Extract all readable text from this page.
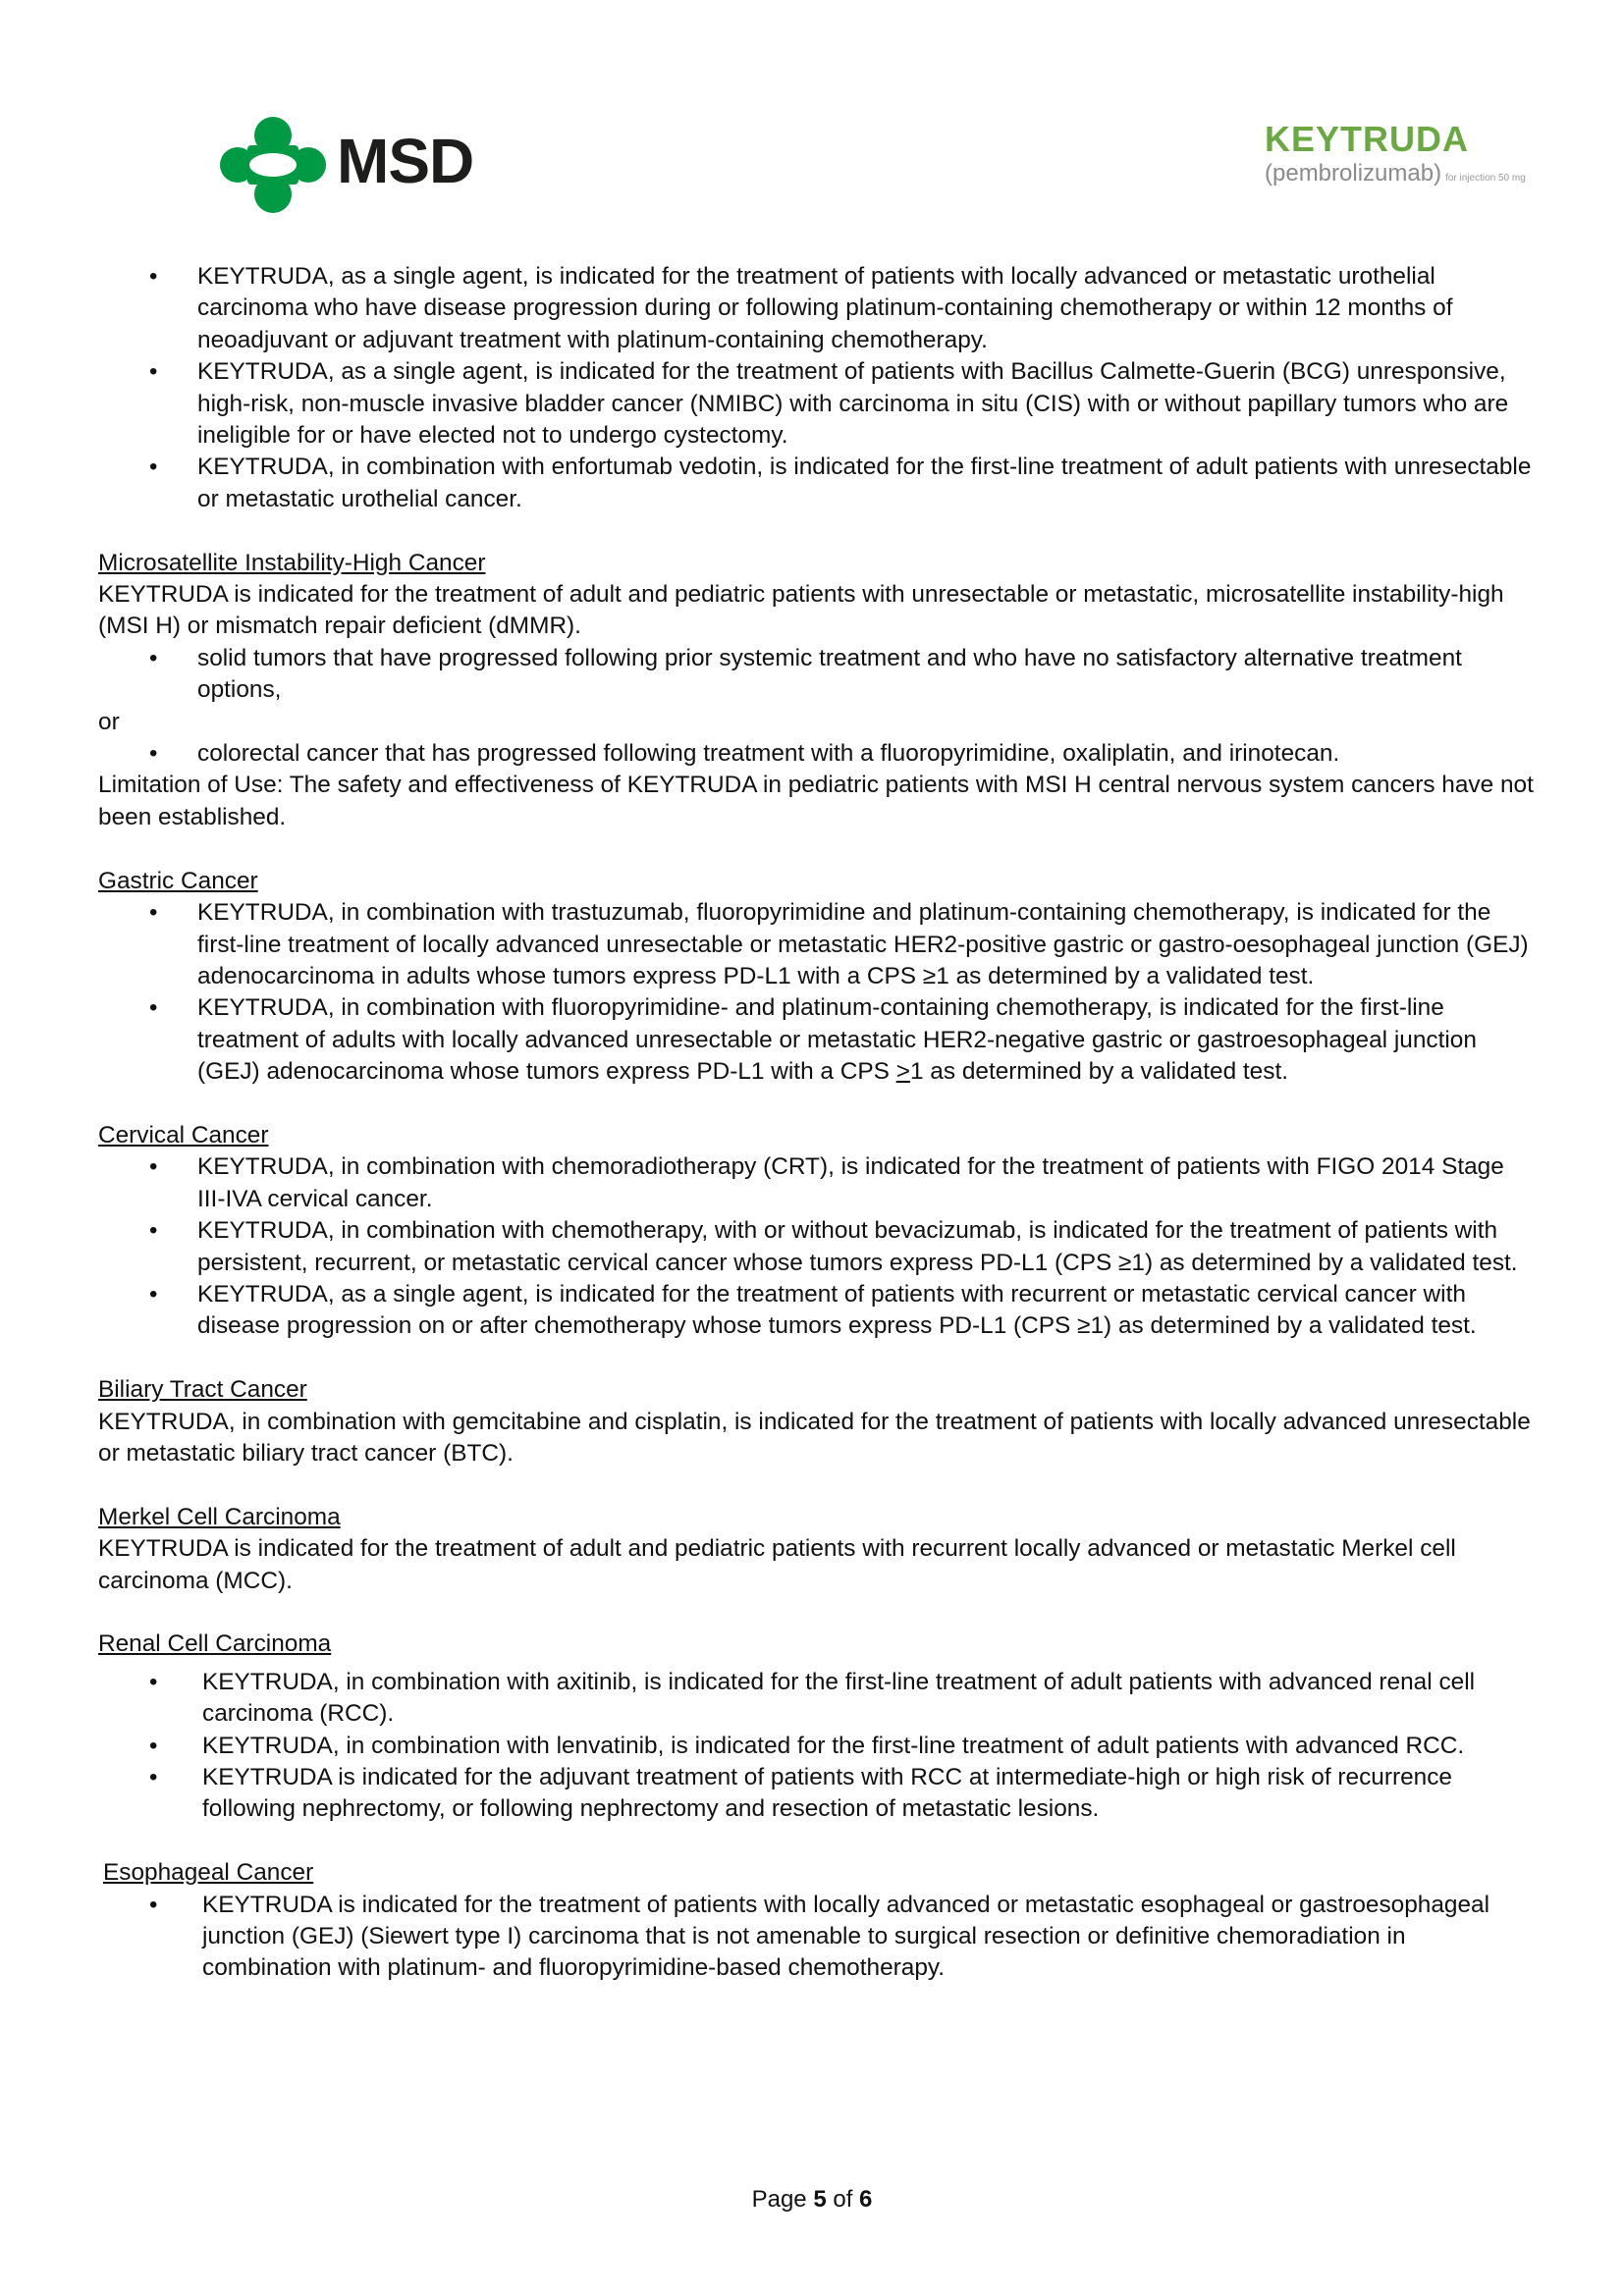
MSD	KEYTRUDA
(pembrolizumab) for injection 50 mg
• KEYTRUDA, as a single agent, is indicated for the treatment of patients with locally advanced or metastatic urothelial carcinoma who have disease progression during or following platinum-containing chemotherapy or within 12 months of neoadjuvant or adjuvant treatment with platinum-containing chemotherapy.
• KEYTRUDA, as a single agent, is indicated for the treatment of patients with Bacillus Calmette-Guerin (BCG) unresponsive, high-risk, non-muscle invasive bladder cancer (NMIBC) with carcinoma in situ (CIS) with or without papillary tumors who are ineligible for or have elected not to undergo cystectomy.
• KEYTRUDA, in combination with enfortumab vedotin, is indicated for the first-line treatment of adult patients with unresectable or metastatic urothelial cancer.

Microsatellite Instability-High Cancer

KEYTRUDA is indicated for the treatment of adult and pediatric patients with unresectable or metastatic, microsatellite instability-high (MSI H) or mismatch repair deficient (dMMR).

• solid tumors that have progressed following prior systemic treatment and who have no satisfactory alternative treatment options,

or

• colorectal cancer that has progressed following treatment with a fluoropyrimidine, oxaliplatin, and irinotecan.

Limitation of Use: The safety and effectiveness of KEYTRUDA in pediatric patients with MSI H central nervous system cancers have not been established.

Gastric Cancer

• KEYTRUDA, in combination with trastuzumab, fluoropyrimidine and platinum-containing chemotherapy, is indicated for the first-line treatment of locally advanced unresectable or metastatic HER2-positive gastric or gastro-oesophageal junction (GEJ) adenocarcinoma in adults whose tumors express PD-L1 with a CPS ≥1 as determined by a validated test.
• KEYTRUDA, in combination with fluoropyrimidine- and platinum-containing chemotherapy, is indicated for the first-line treatment of adults with locally advanced unresectable or metastatic HER2-negative gastric or gastroesophageal junction (GEJ) adenocarcinoma whose tumors express PD-L1 with a CPS >1 as determined by a validated test.

Cervical Cancer

• KEYTRUDA, in combination with chemoradiotherapy (CRT), is indicated for the treatment of patients with FIGO 2014 Stage III-IVA cervical cancer.
• KEYTRUDA, in combination with chemotherapy, with or without bevacizumab, is indicated for the treatment of patients with persistent, recurrent, or metastatic cervical cancer whose tumors express PD-L1 (CPS ≥1) as determined by a validated test.
• KEYTRUDA, as a single agent, is indicated for the treatment of patients with recurrent or metastatic cervical cancer with disease progression on or after chemotherapy whose tumors express PD-L1 (CPS ≥1) as determined by a validated test.

Biliary Tract Cancer

KEYTRUDA, in combination with gemcitabine and cisplatin, is indicated for the treatment of patients with locally advanced unresectable or metastatic biliary tract cancer (BTC).

Merkel Cell Carcinoma

KEYTRUDA is indicated for the treatment of adult and pediatric patients with recurrent locally advanced or metastatic Merkel cell carcinoma (MCC).

Renal Cell Carcinoma

• KEYTRUDA, in combination with axitinib, is indicated for the first-line treatment of adult patients with advanced renal cell carcinoma (RCC).
• KEYTRUDA, in combination with lenvatinib, is indicated for the first-line treatment of adult patients with advanced RCC.
• KEYTRUDA is indicated for the adjuvant treatment of patients with RCC at intermediate-high or high risk of recurrence following nephrectomy, or following nephrectomy and resection of metastatic lesions.

Esophageal Cancer

• KEYTRUDA is indicated for the treatment of patients with locally advanced or metastatic esophageal or gastroesophageal junction (GEJ) (Siewert type I) carcinoma that is not amenable to surgical resection or definitive chemoradiation in combination with platinum- and fluoropyrimidine-based chemotherapy.
Page 5 of 6
